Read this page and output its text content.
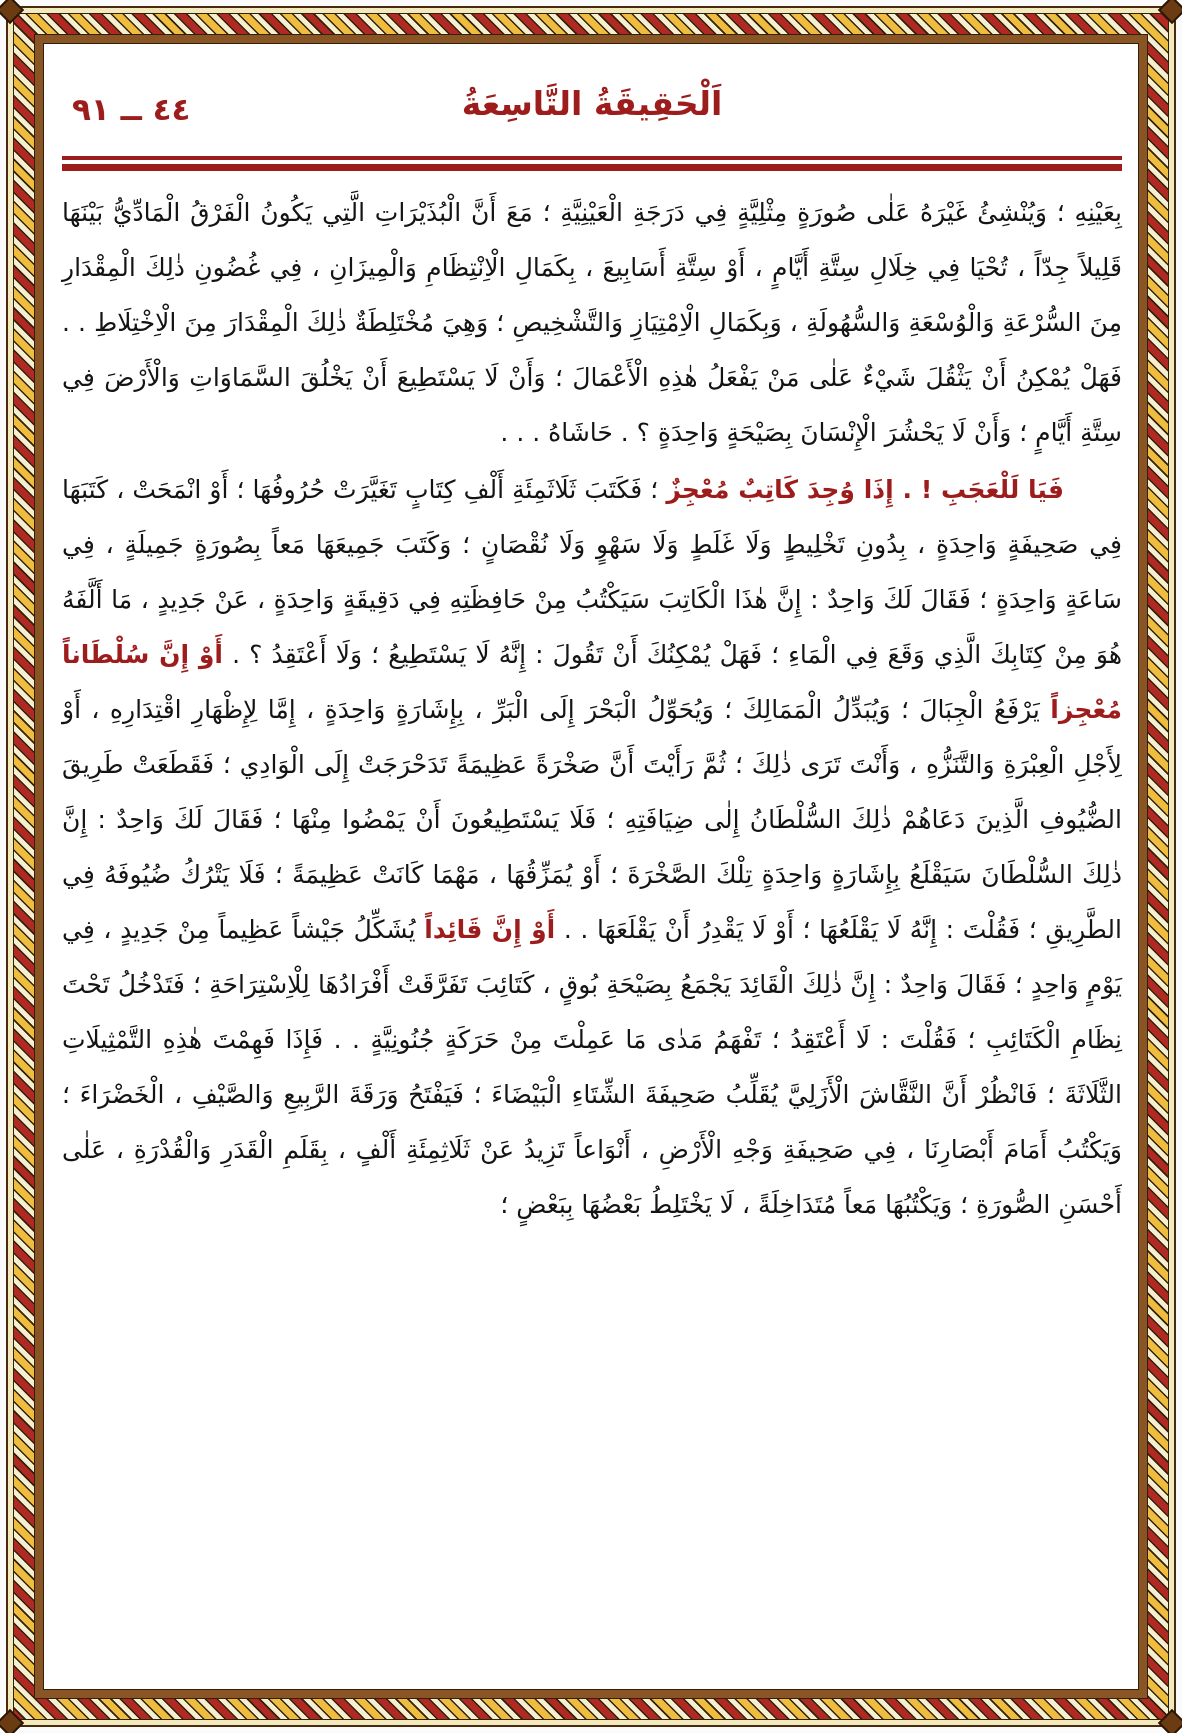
٤٤ ــ ٩١	اَلْحَقِيقَةُ التَّاسِعَةُ

بِعَيْنِهِ ؛ وَيُنْشِئُ غَيْرَهُ عَلٰى صُورَةٍ مِثْلِيَّةٍ فِي دَرَجَةِ الْعَيْنِيَّةِ ؛ مَعَ أَنَّ الْبُذَيْرَاتِ الَّتِي يَكُونُ الْفَرْقُ الْمَادِّيُّ بَيْنَهَا قَلِيلاً جِدّاً ، تُحْيَا فِي خِلَالِ سِتَّةِ أَيَّامٍ ، أَوْ سِتَّةِ أَسَابِيعَ ، بِكَمَالِ الْاِنْتِظَامِ وَالْمِيزَانِ ، فِي غُضُونِ ذٰلِكَ الْمِقْدَارِ مِنَ السُّرْعَةِ وَالْوُسْعَةِ وَالسُّهُولَةِ ، وَبِكَمَالِ الْاِمْتِيَازِ وَالتَّشْخِيصِ ؛ وَهِيَ مُخْتَلِطَةٌ ذٰلِكَ الْمِقْدَارَ مِنَ الْاِخْتِلَاطِ . . فَهَلْ يُمْكِنُ أَنْ يَثْقُلَ شَيْءٌ عَلٰى مَنْ يَفْعَلُ هٰذِهِ الْأَعْمَالَ ؛ وَأَنْ لَا يَسْتَطِيعَ أَنْ يَخْلُقَ السَّمَاوَاتِ وَالْأَرْضَ فِي سِتَّةِ أَيَّامٍ ؛ وَأَنْ لَا يَحْشُرَ الْإِنْسَانَ بِصَيْحَةٍ وَاحِدَةٍ ؟ . حَاشَاهُ . . .

فَيَا لَلْعَجَبِ ! . إِذَا وُجِدَ كَاتِبٌ مُعْجِزٌ ؛ فَكَتَبَ ثَلَاثَمِئَةِ أَلْفِ كِتَابٍ تَغَيَّرَتْ حُرُوفُهَا ؛ أَوْ انْمَحَتْ ، كَتَبَهَا فِي صَحِيفَةٍ وَاحِدَةٍ ، بِدُونِ تَخْلِيطٍ وَلَا غَلَطٍ وَلَا سَهْوٍ وَلَا نُقْصَانٍ ؛ وَكَتَبَ جَمِيعَهَا مَعاً بِصُورَةٍ جَمِيلَةٍ ، فِي سَاعَةٍ وَاحِدَةٍ ؛ فَقَالَ لَكَ وَاحِدٌ : إِنَّ هٰذَا الْكَاتِبَ سَيَكْتُبُ مِنْ حَافِظَتِهِ فِي دَقِيقَةٍ وَاحِدَةٍ ، عَنْ جَدِيدٍ ، مَا أَلَّفَهُ هُوَ مِنْ كِتَابِكَ الَّذِي وَقَعَ فِي الْمَاءِ ؛ فَهَلْ يُمْكِنُكَ أَنْ تَقُولَ : إِنَّهُ لَا يَسْتَطِيعُ ؛ وَلَا أَعْتَقِدُ ؟ . أَوْ إِنَّ سُلْطَاناً مُعْجِزاً يَرْفَعُ الْجِبَالَ ؛ وَيُبَدِّلُ الْمَمَالِكَ ؛ وَيُحَوِّلُ الْبَحْرَ إِلَى الْبَرِّ ، بِإِشَارَةٍ وَاحِدَةٍ ، إِمَّا لِإِظْهَارِ اقْتِدَارِهِ ، أَوْ لِأَجْلِ الْعِبْرَةِ وَالتَّنَزُّهِ ، وَأَنْتَ تَرَى ذٰلِكَ ؛ ثُمَّ رَأَيْتَ أَنَّ صَخْرَةً عَظِيمَةً تَدَحْرَجَتْ إِلَى الْوَادِي ؛ فَقَطَعَتْ طَرِيقَ الضُّيُوفِ الَّذِينَ دَعَاهُمْ ذٰلِكَ السُّلْطَانُ إِلٰى ضِيَافَتِهِ ؛ فَلَا يَسْتَطِيعُونَ أَنْ يَمْضُوا مِنْهَا ؛ فَقَالَ لَكَ وَاحِدٌ : إِنَّ ذٰلِكَ السُّلْطَانَ سَيَقْلَعُ بِإِشَارَةٍ وَاحِدَةٍ تِلْكَ الصَّخْرَةَ ؛ أَوْ يُمَزِّقُهَا ، مَهْمَا كَانَتْ عَظِيمَةً ؛ فَلَا يَتْرُكُ ضُيُوفَهُ فِي الطَّرِيقِ ؛ فَقُلْتَ : إِنَّهُ لَا يَقْلَعُهَا ؛ أَوْ لَا يَقْدِرُ أَنْ يَقْلَعَهَا . . أَوْ إِنَّ قَائِداً يُشَكِّلُ جَيْشاً عَظِيماً مِنْ جَدِيدٍ ، فِي يَوْمٍ وَاحِدٍ ؛ فَقَالَ وَاحِدٌ : إِنَّ ذٰلِكَ الْقَائِدَ يَجْمَعُ بِصَيْحَةِ بُوقٍ ، كَتَائِبَ تَفَرَّقَتْ أَفْرَادُهَا لِلْاِسْتِرَاحَةِ ؛ فَتَدْخُلُ تَحْتَ نِظَامِ الْكَتَائِبِ ؛ فَقُلْتَ : لَا أَعْتَقِدُ ؛ تَفْهَمُ مَدٰى مَا عَمِلْتَ مِنْ حَرَكَةٍ جُنُونِيَّةٍ . . فَإِذَا فَهِمْتَ هٰذِهِ التَّمْثِيلَاتِ الثَّلَاثَةَ ؛ فَانْظُرْ أَنَّ النَّقَّاشَ الْأَزَلِيَّ يُقَلِّبُ صَحِيفَةَ الشِّتَاءِ الْبَيْضَاءَ ؛ فَيَفْتَحُ وَرَقَةَ الرَّبِيعِ وَالصَّيْفِ ، الْخَضْرَاءَ ؛ وَيَكْتُبُ أَمَامَ أَبْصَارِنَا ، فِي صَحِيفَةِ وَجْهِ الْأَرْضِ ، أَنْوَاعاً تَزِيدُ عَنْ ثَلَاثِمِئَةِ أَلْفٍ ، بِقَلَمِ الْقَدَرِ وَالْقُدْرَةِ ، عَلٰى أَحْسَنِ الصُّورَةِ ؛ وَيَكْتُبُهَا مَعاً مُتَدَاخِلَةً ، لَا يَخْتَلِطُ بَعْضُهَا بِبَعْضٍ ؛
